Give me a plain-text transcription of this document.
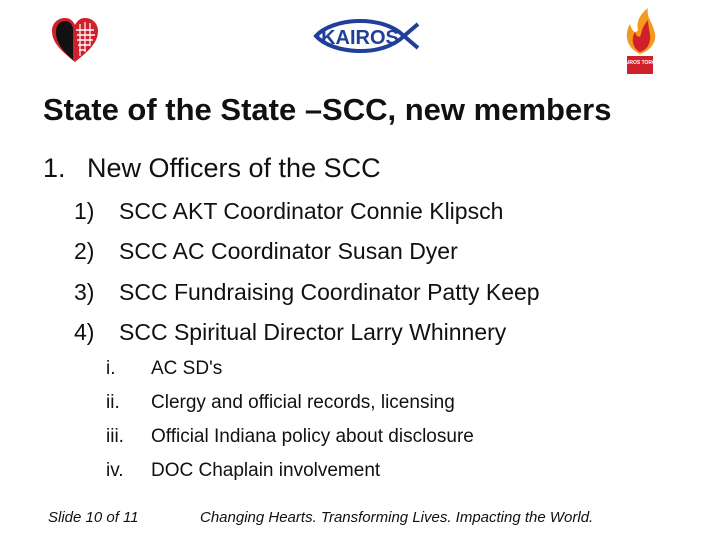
KAIROS
KAIROS TORCH
State of the State –SCC, new members
1. New Officers of the SCC
1) SCC AKT Coordinator Connie Klipsch
2) SCC AC Coordinator Susan Dyer
3) SCC Fundraising Coordinator Patty Keep
4) SCC Spiritual Director Larry Whinnery
i. AC SD's
ii. Clergy and official records, licensing
iii. Official Indiana policy about disclosure
iv. DOC Chaplain involvement
Slide 10 of 11	Changing Hearts. Transforming Lives. Impacting the World.
